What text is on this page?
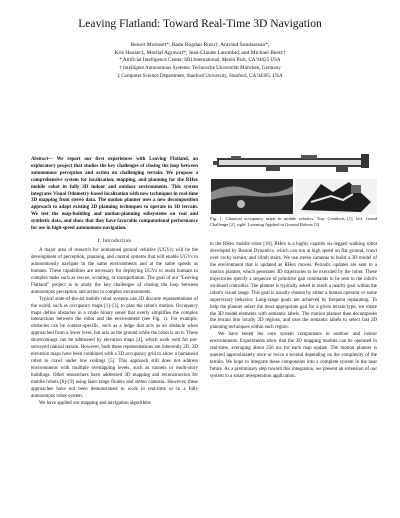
Leaving Flatland: Toward Real-Time 3D Navigation
Benoit Morisset*, Radu Bogdan Rusu†, Aravind Sundaresan*,
Kris Hauser‡, Motilal Agrawal*, Jean-Claude Latombe‡ and Michael Beetz†
* Artificial Intelligence Center, SRI International, Menlo Park, CA 94025 USA
† Intelligent Autonomous Systems, Technische Universität München, Germany
‡ Computer Science Department, Stanford University, Stanford, CA 94305, USA

Abstract— We report our first experiences with Leaving Flatland, an exploratory project that studies the key challenges of closing the loop between autonomous perception and action on challenging terrain. We propose a comprehensive system for localization, mapping, and planning for the RHex mobile robot in fully 3D indoor and outdoor environments. This system integrates Visual Odometry-based localization with new techniques in real-time 3D mapping from stereo data. The motion planner uses a new decomposition approach to adapt existing 2D planning techniques to operate in 3D terrain. We test the map-building and motion-planning subsystems on real and synthetic data, and show that they have favorable computational performance for use in high-speed autonomous navigation.

I. Introduction

A major area of research for unmanned ground vehicles (UGVs) will be the development of perception, planning, and control systems that will enable UGVs to autonomously navigate in the same environments and at the same speeds as humans. These capabilities are necessary for deploying UGVs to assist humans in complex tasks such as rescue, scouting, or transportation. The goal of our "Leaving Flatland" project is to study the key challenges of closing the loop between autonomous perception and action in complex environments.

Typical state-of-the-art mobile robot systems use 2D discrete representations of the world, such as occupancy maps [1]–[3], to plan the robot's motion. Occupancy maps define obstacles in a crude binary sense that overly simplifies the complex interactions between the robot and the environment (see Fig. 1). For example, obstacles can be context-specific, such as a ledge that acts as an obstacle when approached from a lower level, but acts as the ground while the robot is on it. These shortcomings can be addressed by elevation maps [4], which work well for pre-surveyed natural terrain. However, both these representations are inherently 2D. 2D elevation maps have been combined with a 3D occupancy grid to allow a humanoid robot to crawl under low ceilings [5]. This approach still does not address environments with multiple overlapping levels, such as tunnels or multi-story buildings. Other researchers have addressed 3D mapping and reconstruction for mobile robots [6]–[9] using laser range finders and stereo cameras. However, these approaches have not been demonstrated to work in real-time or in a fully autonomous robot system.

We have applied our mapping and navigation algorithms

Fig. 1. Classical occupancy maps in mobile robotics. Top: Centibots [1], left: Grand Challenge [2], right: Learning Applied to Ground Robots [3].

to the RHex mobile robot [10]. RHex is a highly capable six-legged walking robot developed by Boston Dynamics, which can run at high speed on flat ground, crawl over rocky terrain, and climb stairs. We use stereo cameras to build a 3D model of the environment that is updated as RHex moves. Periodic updates are sent to a motion planner, which generates 3D trajectories to be executed by the robot. These trajectories specify a sequence of primitive gait commands to be sent to the robot's on-board controller. The planner is typically asked to reach a nearby goal within the robot's visual range. This goal is usually chosen by either a human operator or some supervisory behavior. Long-range goals are achieved by frequent replanning. To help the planner select the most appropriate gait for a given terrain type, we rotate the 3D model elements with semantic labels. The motion planner then decomposes the terrain into locally 2D regions, and uses the semantic labels to select fast 2D planning techniques within each region.

We have tested the core system components in outdoor and indoor environments. Experiments show that the 3D mapping module can be operated in real-time, averaging about 250 ms for each map update. The motion planner is queried approximately once or twice a second depending on the complexity of the terrain. We hope to integrate these components into a complete system in the near future. As a preliminary step toward this integration, we present an extension of our system to a smart teleoperation application.
